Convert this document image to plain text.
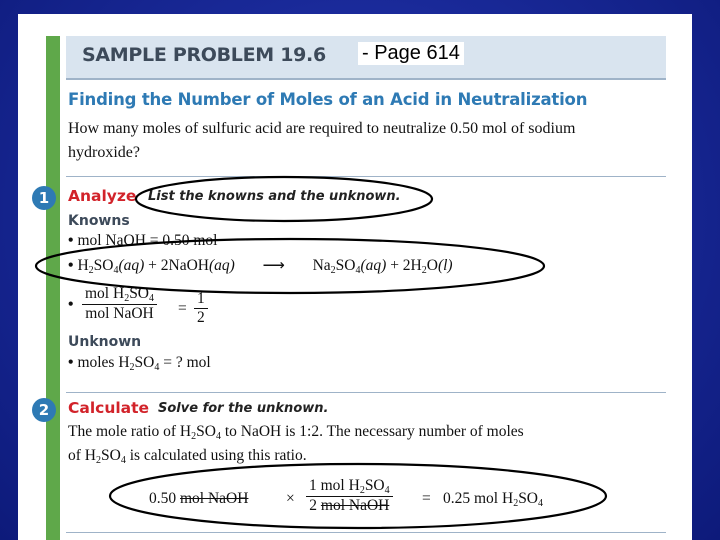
SAMPLE PROBLEM 19.6 - Page 614
Finding the Number of Moles of an Acid in Neutralization
How many moles of sulfuric acid are required to neutralize 0.50 mol of sodium hydroxide?
1	Analyze List the knowns and the unknown.
Knowns
• mol NaOH = 0.50 mol
• $H_2SO_4(aq)$ + 2NaOH(aq) ⟶ $Na_2SO_4(aq) + 2H_2O(l)$
•
mol $H_2SO_4$
mol NaOH = $\frac{1}{2}$
Unknown
• moles $H_2SO_4$ = ? mol
2	Calculate Solve for the unknown.
The mole ratio of $H_2SO_4$ to NaOH is 1:2. The necessary number of moles
of $H_2SO_4$ is calculated using this ratio.
0.50 mol NaOH ×
1 mol $H_2SO_4$
2 mol NaOH = 0.25 mol $H_2SO_4$
